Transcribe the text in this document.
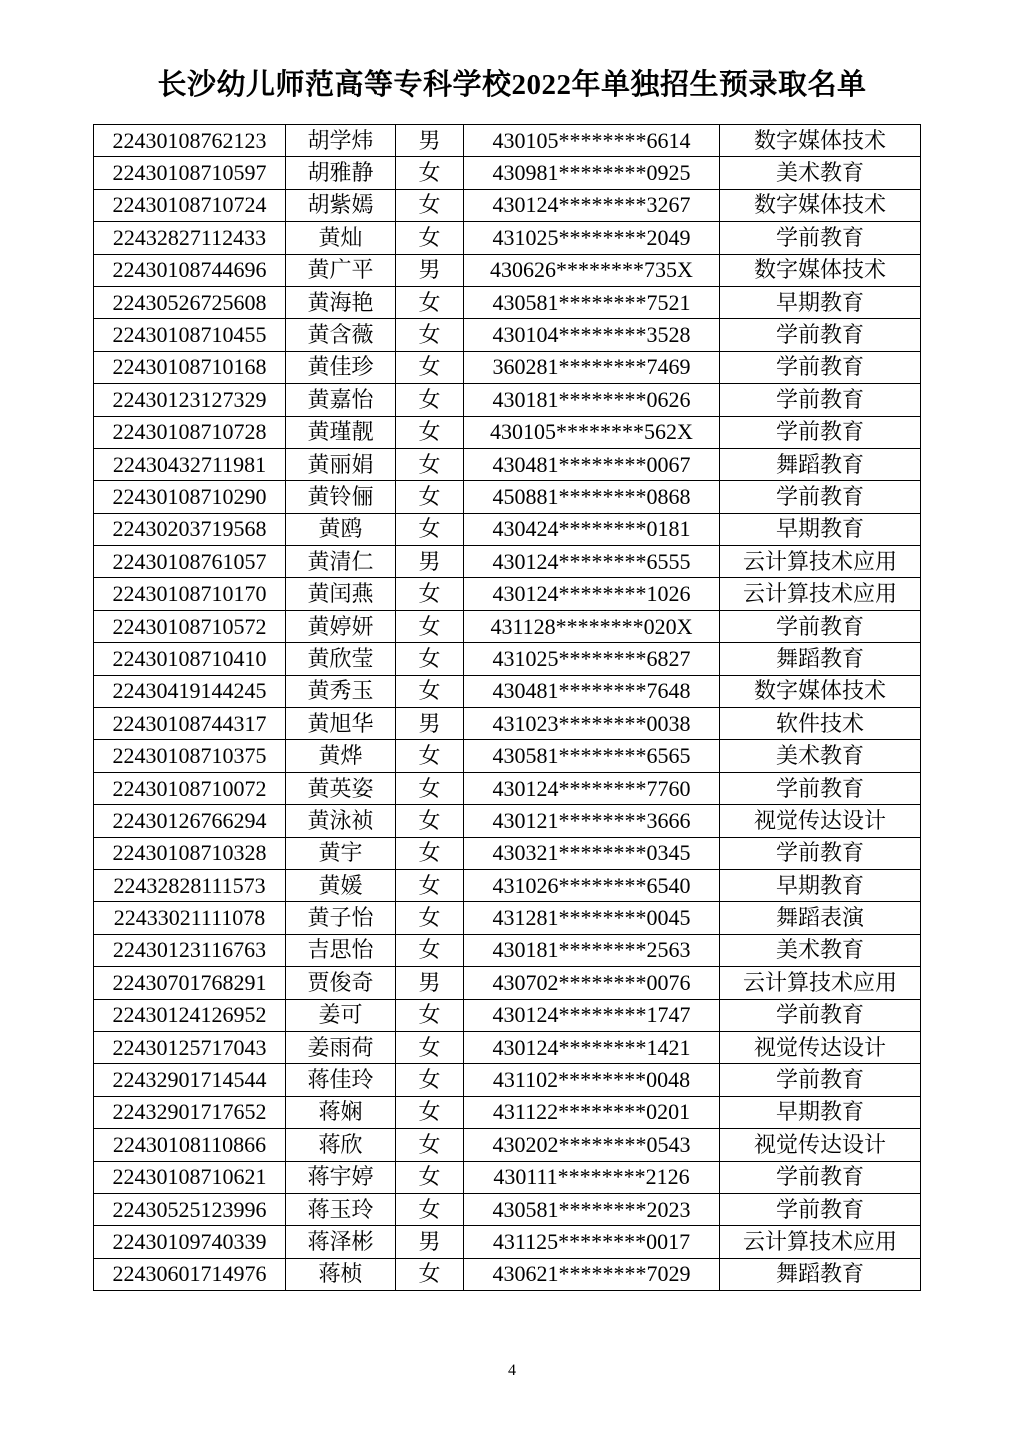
长沙幼儿师范高等专科学校2022年单独招生预录取名单
22430108762123	胡学炜	男	430105********6614	数字媒体技术
22430108710597	胡雅静	女	430981********0925	美术教育
22430108710724	胡紫嫣	女	430124********3267	数字媒体技术
22432827112433	黄灿	女	431025********2049	学前教育
22430108744696	黄广平	男	430626********735X	数字媒体技术
22430526725608	黄海艳	女	430581********7521	早期教育
22430108710455	黄含薇	女	430104********3528	学前教育
22430108710168	黄佳珍	女	360281********7469	学前教育
22430123127329	黄嘉怡	女	430181********0626	学前教育
22430108710728	黄瑾靓	女	430105********562X	学前教育
22430432711981	黄丽娟	女	430481********0067	舞蹈教育
22430108710290	黄铃俪	女	450881********0868	学前教育
22430203719568	黄鸥	女	430424********0181	早期教育
22430108761057	黄清仁	男	430124********6555	云计算技术应用
22430108710170	黄闰燕	女	430124********1026	云计算技术应用
22430108710572	黄婷妍	女	431128********020X	学前教育
22430108710410	黄欣莹	女	431025********6827	舞蹈教育
22430419144245	黄秀玉	女	430481********7648	数字媒体技术
22430108744317	黄旭华	男	431023********0038	软件技术
22430108710375	黄烨	女	430581********6565	美术教育
22430108710072	黄英姿	女	430124********7760	学前教育
22430126766294	黄泳祯	女	430121********3666	视觉传达设计
22430108710328	黄宇	女	430321********0345	学前教育
22432828111573	黄媛	女	431026********6540	早期教育
22433021111078	黄子怡	女	431281********0045	舞蹈表演
22430123116763	吉思怡	女	430181********2563	美术教育
22430701768291	贾俊奇	男	430702********0076	云计算技术应用
22430124126952	姜可	女	430124********1747	学前教育
22430125717043	姜雨荷	女	430124********1421	视觉传达设计
22432901714544	蒋佳玲	女	431102********0048	学前教育
22432901717652	蒋娴	女	431122********0201	早期教育
22430108110866	蒋欣	女	430202********0543	视觉传达设计
22430108710621	蒋宇婷	女	430111********2126	学前教育
22430525123996	蒋玉玲	女	430581********2023	学前教育
22430109740339	蒋泽彬	男	431125********0017	云计算技术应用
22430601714976	蒋桢	女	430621********7029	舞蹈教育
4
